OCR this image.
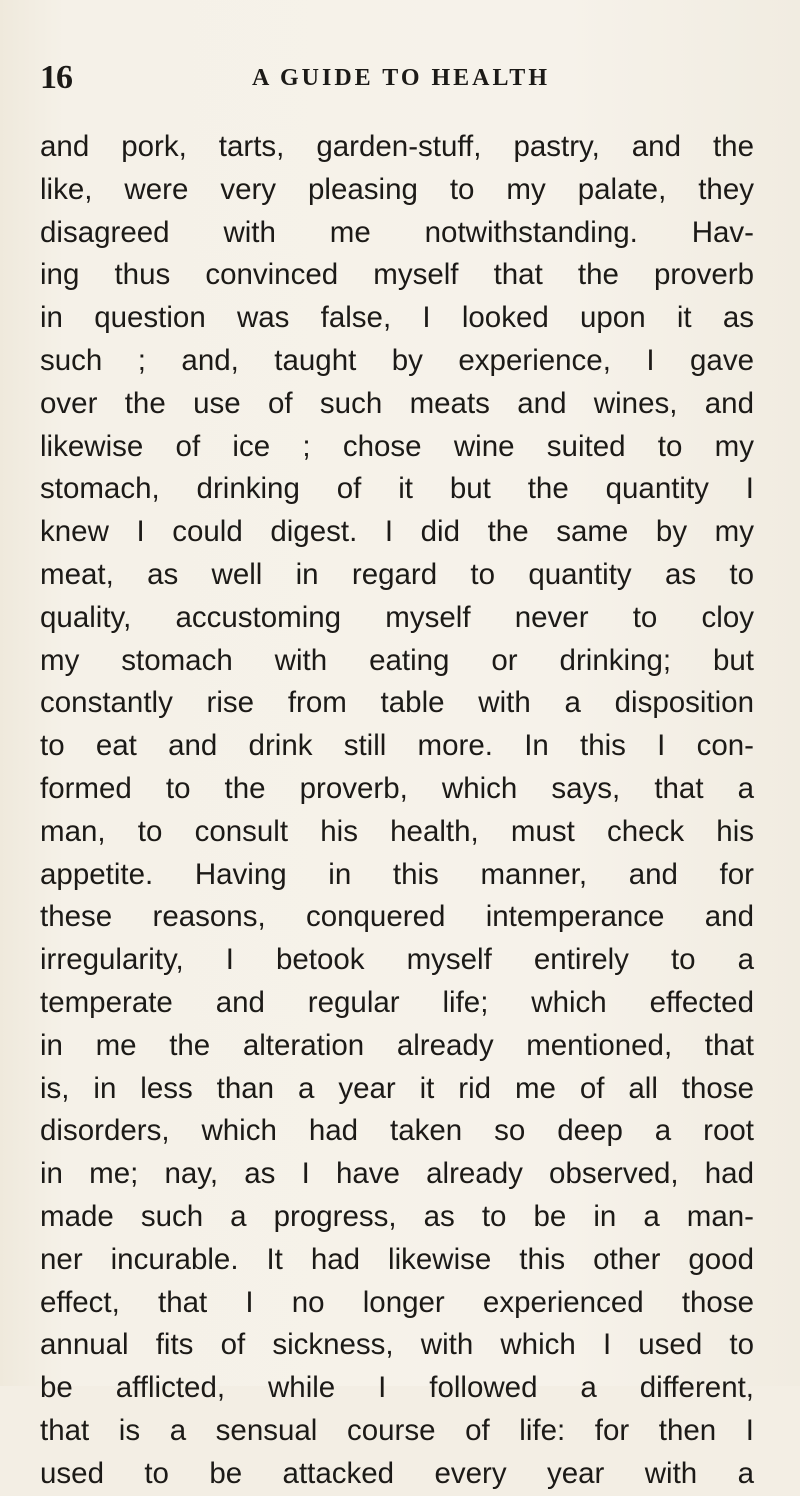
16	A GUIDE TO HEALTH
and pork, tarts, garden-stuff, pastry, and the
like, were very pleasing to my palate, they
disagreed with me notwithstanding. Hav-
ing thus convinced myself that the proverb
in question was false, I looked upon it as
such ; and, taught by experience, I gave
over the use of such meats and wines, and
likewise of ice ; chose wine suited to my
stomach, drinking of it but the quantity I
knew I could digest. I did the same by my
meat, as well in regard to quantity as to
quality, accustoming myself never to cloy
my stomach with eating or drinking; but
constantly rise from table with a disposition
to eat and drink still more. In this I con-
formed to the proverb, which says, that a
man, to consult his health, must check his
appetite. Having in this manner, and for
these reasons, conquered intemperance and
irregularity, I betook myself entirely to a
temperate and regular life; which effected
in me the alteration already mentioned, that
is, in less than a year it rid me of all those
disorders, which had taken so deep a root
in me; nay, as I have already observed, had
made such a progress, as to be in a man-
ner incurable. It had likewise this other good
effect, that I no longer experienced those
annual fits of sickness, with which I used to
be afflicted, while I followed a different,
that is a sensual course of life: for then I
used to be attacked every year with a
